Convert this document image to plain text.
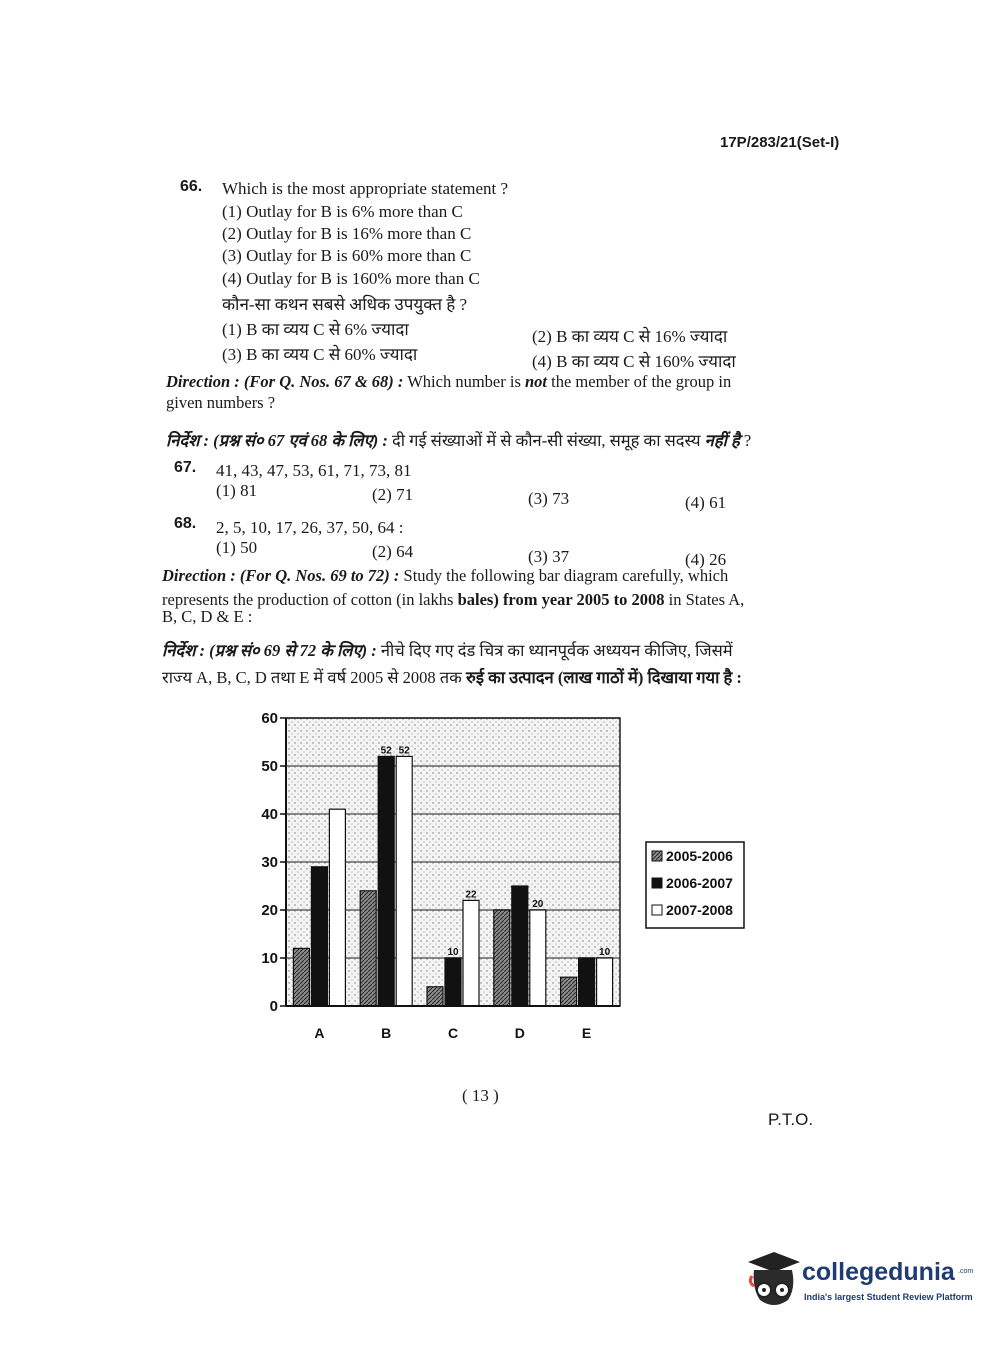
17P/283/21(Set-I)
66. Which is the most appropriate statement ?
(1) Outlay for B is 6% more than C
(2) Outlay for B is 16% more than C
(3) Outlay for B is 60% more than C
(4) Outlay for B is 160% more than C
कौन-सा कथन सबसे अधिक उपयुक्त है ?
(1) B का व्यय C से 6% ज्यादा	(2) B का व्यय C से 16% ज्यादा
(3) B का व्यय C से 60% ज्यादा	(4) B का व्यय C से 160% ज्यादा
Direction : (For Q. Nos. 67 & 68) : Which number is not the member of the group in
given numbers ?
निर्देश : (प्रश्न सं० 67 एवं 68 के लिए) : दी गई संख्याओं में से कौन-सी संख्या, समूह का सदस्य नहीं है ?
67. 41, 43, 47, 53, 61, 71, 73, 81
(1) 81	(2) 71	(3) 73	(4) 61
68. 2, 5, 10, 17, 26, 37, 50, 64 :
(1) 50	(2) 64	(3) 37	(4) 26
Direction : (For Q. Nos. 69 to 72) : Study the following bar diagram carefully, which
represents the production of cotton (in lakhs bales) from year 2005 to 2008 in States A,
B, C, D & E :
निर्देश : (प्रश्न सं० 69 से 72 के लिए) : नीचे दिए गए दंड चित्र का ध्यानपूर्वक अध्ययन कीजिए, जिसमें
राज्य A, B, C, D तथा E में वर्ष 2005 से 2008 तक रुई का उत्पादन (लाख गाठों में) दिखाया गया है :
52 52
10
22
20
10
0
10
20
30
40
50
60
A	B	C	D	E
2005-2006
2006-2007
2007-2008
( 13 )
P.T.O.
collegedunia .com
India's largest Student Review Platform
